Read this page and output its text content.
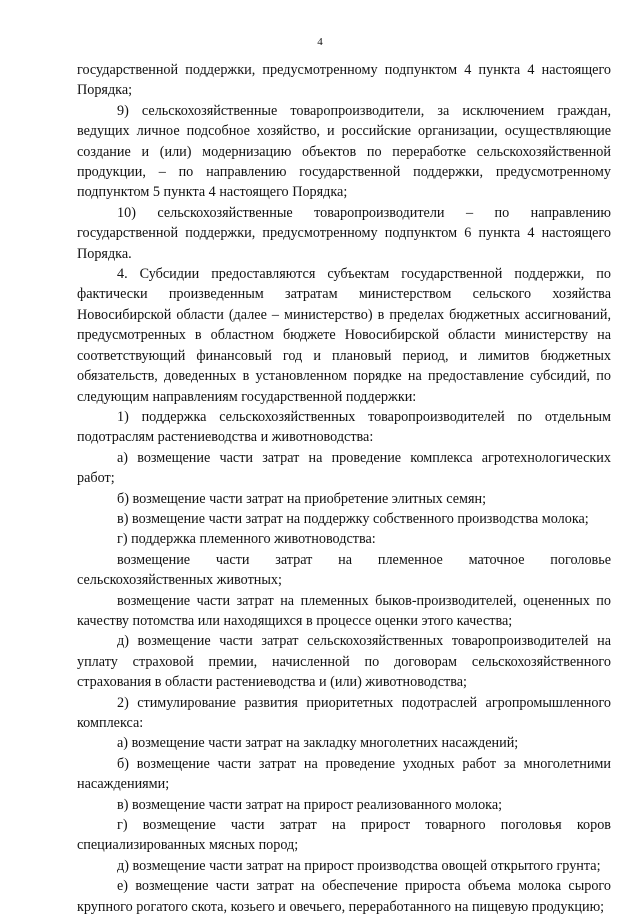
4

государственной поддержки, предусмотренному подпунктом 4 пункта 4 настоящего Порядка;

9) сельскохозяйственные товаропроизводители, за исключением граждан, ведущих личное подсобное хозяйство, и российские организации, осуществляющие создание и (или) модернизацию объектов по переработке сельскохозяйственной продукции, – по направлению государственной поддержки, предусмотренному подпунктом 5 пункта 4 настоящего Порядка;

10) сельскохозяйственные товаропроизводители – по направлению государственной поддержки, предусмотренному подпунктом 6 пункта 4 настоящего Порядка.

4. Субсидии предоставляются субъектам государственной поддержки, по фактически произведенным затратам министерством сельского хозяйства Новосибирской области (далее – министерство) в пределах бюджетных ассигнований, предусмотренных в областном бюджете Новосибирской области министерству на соответствующий финансовый год и плановый период, и лимитов бюджетных обязательств, доведенных в установленном порядке на предоставление субсидий, по следующим направлениям государственной поддержки:

1) поддержка сельскохозяйственных товаропроизводителей по отдельным подотраслям растениеводства и животноводства:

а) возмещение части затрат на проведение комплекса агротехнологических работ;

б) возмещение части затрат на приобретение элитных семян;

в) возмещение части затрат на поддержку собственного производства молока;

г) поддержка племенного животноводства:

возмещение части затрат на племенное маточное поголовье сельскохозяйственных животных;

возмещение части затрат на племенных быков-производителей, оцененных по качеству потомства или находящихся в процессе оценки этого качества;

д) возмещение части затрат сельскохозяйственных товаропроизводителей на уплату страховой премии, начисленной по договорам сельскохозяйственного страхования в области растениеводства и (или) животноводства;

2) стимулирование развития приоритетных подотраслей агропромышленного комплекса:

а) возмещение части затрат на закладку многолетних насаждений;

б) возмещение части затрат на проведение уходных работ за многолетними насаждениями;

в) возмещение части затрат на прирост реализованного молока;

г) возмещение части затрат на прирост товарного поголовья коров специализированных мясных пород;

д) возмещение части затрат на прирост производства овощей открытого грунта;

е) возмещение части затрат на обеспечение прироста объема молока сырого крупного рогатого скота, козьего и овечьего, переработанного на пищевую продукцию;
